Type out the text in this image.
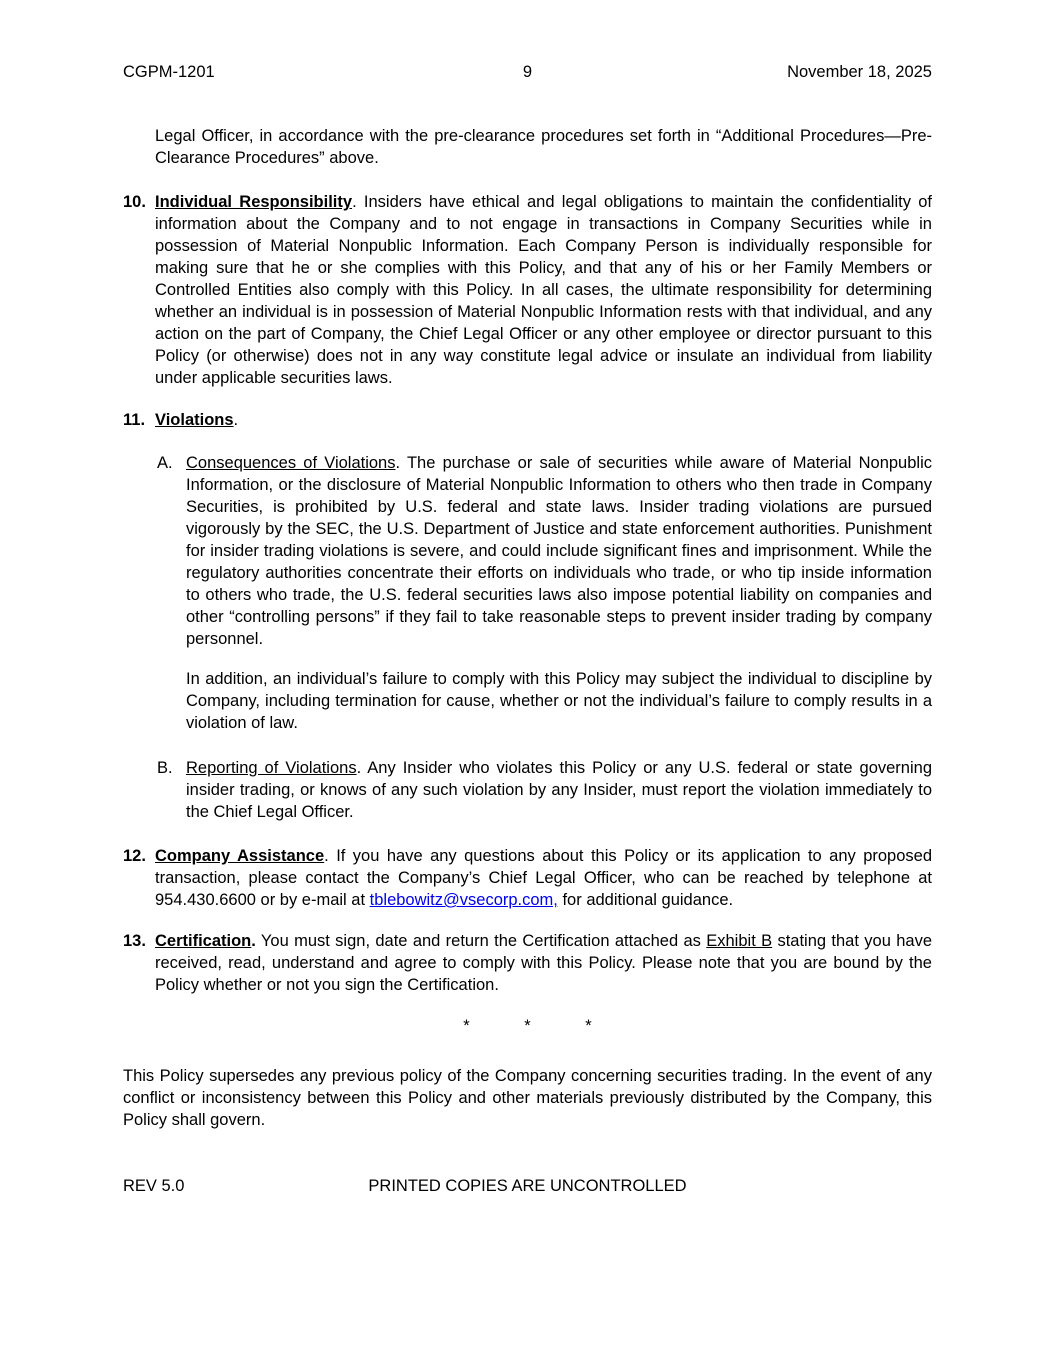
CGPM-1201	9	November 18, 2025

Legal Officer, in accordance with the pre-clearance procedures set forth in “Additional Procedures—Pre-Clearance Procedures” above.

10. Individual Responsibility. Insiders have ethical and legal obligations to maintain the confidentiality of information about the Company and to not engage in transactions in Company Securities while in possession of Material Nonpublic Information. Each Company Person is individually responsible for making sure that he or she complies with this Policy, and that any of his or her Family Members or Controlled Entities also comply with this Policy. In all cases, the ultimate responsibility for determining whether an individual is in possession of Material Nonpublic Information rests with that individual, and any action on the part of Company, the Chief Legal Officer or any other employee or director pursuant to this Policy (or otherwise) does not in any way constitute legal advice or insulate an individual from liability under applicable securities laws.
11. Violations.
A. Consequences of Violations. The purchase or sale of securities while aware of Material Nonpublic Information, or the disclosure of Material Nonpublic Information to others who then trade in Company Securities, is prohibited by U.S. federal and state laws. Insider trading violations are pursued vigorously by the SEC, the U.S. Department of Justice and state enforcement authorities. Punishment for insider trading violations is severe, and could include significant fines and imprisonment. While the regulatory authorities concentrate their efforts on individuals who trade, or who tip inside information to others who trade, the U.S. federal securities laws also impose potential liability on companies and other “controlling persons” if they fail to take reasonable steps to prevent insider trading by company personnel.

In addition, an individual’s failure to comply with this Policy may subject the individual to discipline by Company, including termination for cause, whether or not the individual’s failure to comply results in a violation of law.

B. Reporting of Violations. Any Insider who violates this Policy or any U.S. federal or state governing insider trading, or knows of any such violation by any Insider, must report the violation immediately to the Chief Legal Officer.
12. Company Assistance. If you have any questions about this Policy or its application to any proposed transaction, please contact the Company’s Chief Legal Officer, who can be reached by telephone at 954.430.6600 or by e-mail at tblebowitz@vsecorp.com, for additional guidance.
13. Certification. You must sign, date and return the Certification attached as Exhibit B stating that you have received, read, understand and agree to comply with this Policy. Please note that you are bound by the Policy whether or not you sign the Certification.
*	*	*

This Policy supersedes any previous policy of the Company concerning securities trading. In the event of any conflict or inconsistency between this Policy and other materials previously distributed by the Company, this Policy shall govern.

REV 5.0	PRINTED COPIES ARE UNCONTROLLED
